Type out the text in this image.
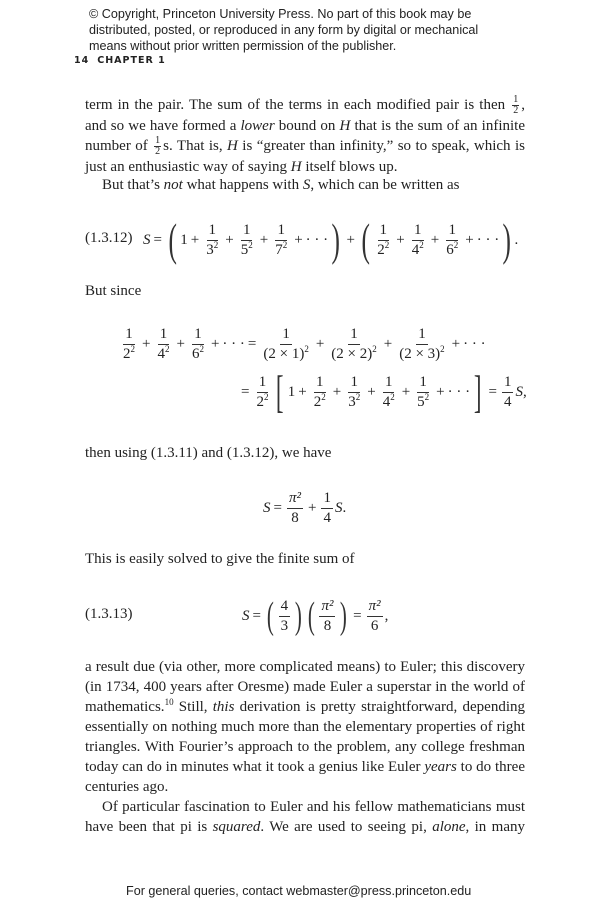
© Copyright, Princeton University Press. No part of this book may be
distributed, posted, or reproduced in any form by digital or mechanical
means without prior written permission of the publisher.
14 CHAPTER 1
term in the pair. The sum of the terms in each modified pair is then $\frac{1}{2}$ ,
and so we have formed a lower bound on H that is the sum of an infinite
number of $\frac{1}{2} s$. That is, H is “greater than infinity,” so to speak, which is
just an enthusiastic way of saying H itself blows up.
But that’s not what happens with S, which can be written as
(1.3.12) S = ( $1 + \frac{1}{3^2} + \frac{1}{5^2} + \frac{1}{7^2}$ + · · · ) + ( $\frac{1}{2^2} + \frac{1}{4^2} + \frac{1}{6^2}$ + · · · ) .
But since
$\frac{1}{2^2} + \frac{1}{4^2} + \frac{1}{6^2}$ + · · · = $\frac{1}{(2 \times 1)^2} + \frac{1}{(2 \times 2)^2} + \frac{1}{(2 \times 3)^2}$ + · · ·
= $\frac{1}{2^2}$ [ $1 + \frac{1}{2^2} + \frac{1}{3^2} + \frac{1}{4^2} + \frac{1}{5^2}$ + · · · ] = $\frac{1}{4}$ S ,
then using (1.3.11) and (1.3.12), we have
$S = \frac{\text{π²}}{8} + \frac{1}{4}$ S .
This is easily solved to give the finite sum of
(1.3.13)	S = ( $\frac{4}{3}$ ) ( $\frac{\text{π²}}{8}$ ) = $\frac{\text{π²}}{6}$ ,
a result due (via other, more complicated means) to Euler; this discovery
(in 1734, 400 years after Oresme) made Euler a superstar in the world of
mathematics.$^{10}$ Still, this derivation is pretty straightforward, depending
essentially on nothing much more than the elementary properties of right
triangles. With Fourier’s approach to the problem, any college freshman
today can do in minutes what it took a genius like Euler years to do three
centuries ago.
Of particular fascination to Euler and his fellow mathematicians must
have been that pi is squared. We are used to seeing pi, alone, in many
For general queries, contact webmaster@press.princeton.edu
